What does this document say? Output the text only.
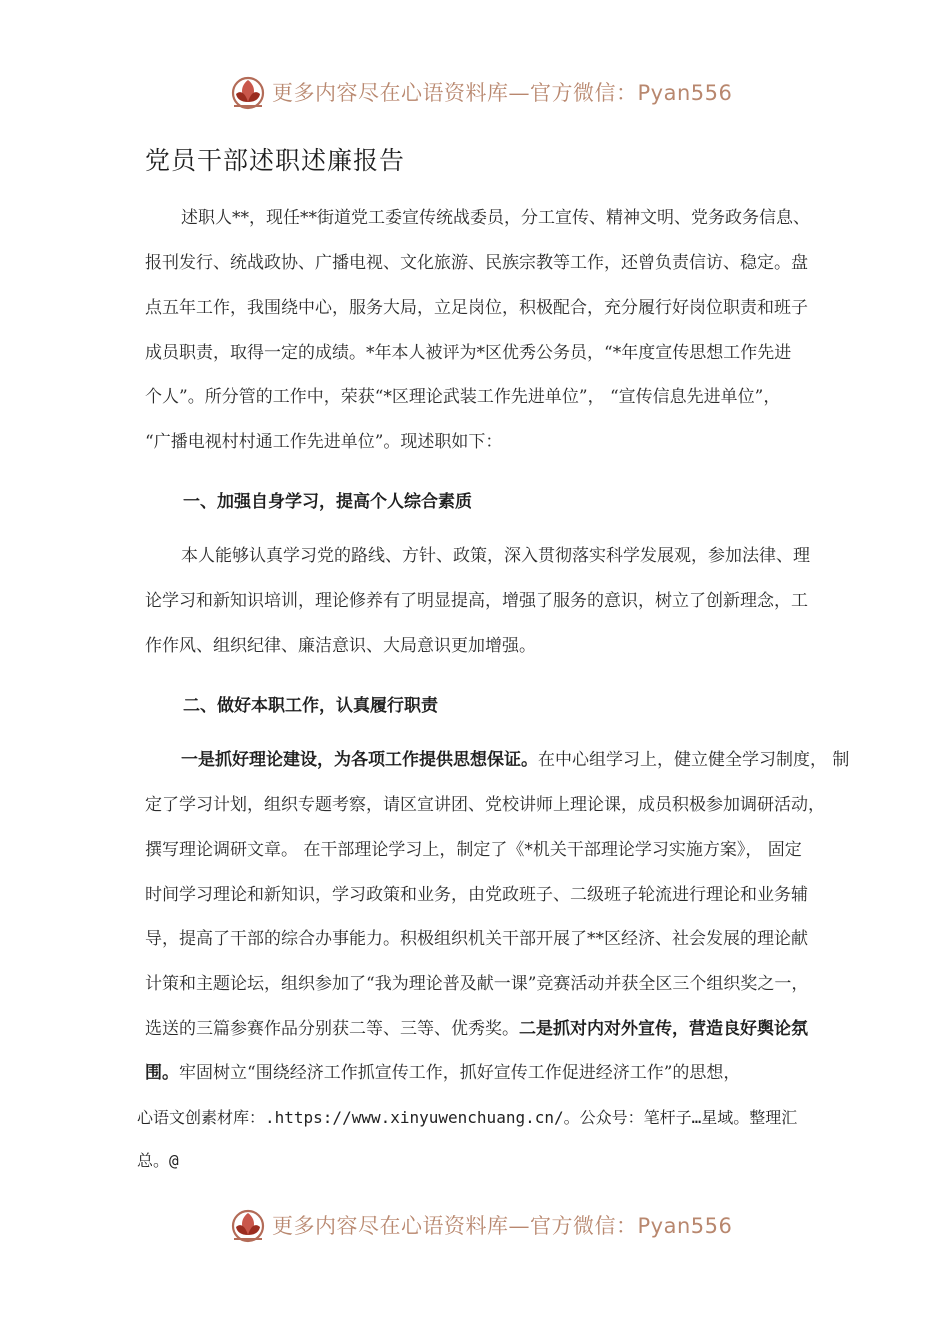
更多内容尽在心语资料库—官方微信：Pyan556
党员干部述职述廉报告

述职人**，现任**街道党工委宣传统战委员，分工宣传、精神文明、党务政务信息、

报刊发行、统战政协、广播电视、文化旅游、民族宗教等工作，还曾负责信访、稳定。盘

点五年工作，我围绕中心，服务大局，立足岗位，积极配合，充分履行好岗位职责和班子

成员职责，取得一定的成绩。*年本人被评为*区优秀公务员，“*年度宣传思想工作先进

个人”。所分管的工作中，荣获“*区理论武装工作先进单位”， “宣传信息先进单位”，

“广播电视村村通工作先进单位”。现述职如下：

一、加强自身学习，提高个人综合素质

本人能够认真学习党的路线、方针、政策，深入贯彻落实科学发展观，参加法律、理

论学习和新知识培训，理论修养有了明显提高，增强了服务的意识，树立了创新理念，工

作作风、组织纪律、廉洁意识、大局意识更加增强。

二、做好本职工作，认真履行职责

一是抓好理论建设，为各项工作提供思想保证。在中心组学习上，健立健全学习制度， 制

定了学习计划，组织专题考察，请区宣讲团、党校讲师上理论课，成员积极参加调研活动，

撰写理论调研文章。 在干部理论学习上，制定了《*机关干部理论学习实施方案》， 固定

时间学习理论和新知识，学习政策和业务，由党政班子、二级班子轮流进行理论和业务辅

导，提高了干部的综合办事能力。积极组织机关干部开展了**区经济、社会发展的理论献

计策和主题论坛，组织参加了“我为理论普及献一课”竞赛活动并获全区三个组织奖之一，

选送的三篇参赛作品分别获二等、三等、优秀奖。二是抓对内对外宣传，营造良好舆论氛

围。牢固树立“围绕经济工作抓宣传工作，抓好宣传工作促进经济工作”的思想，

心语文创素材库：.https://www.xinyuwenchuang.cn/。公众号：笔杆子…星域。整理汇

总。@

更多内容尽在心语资料库—官方微信：Pyan556
